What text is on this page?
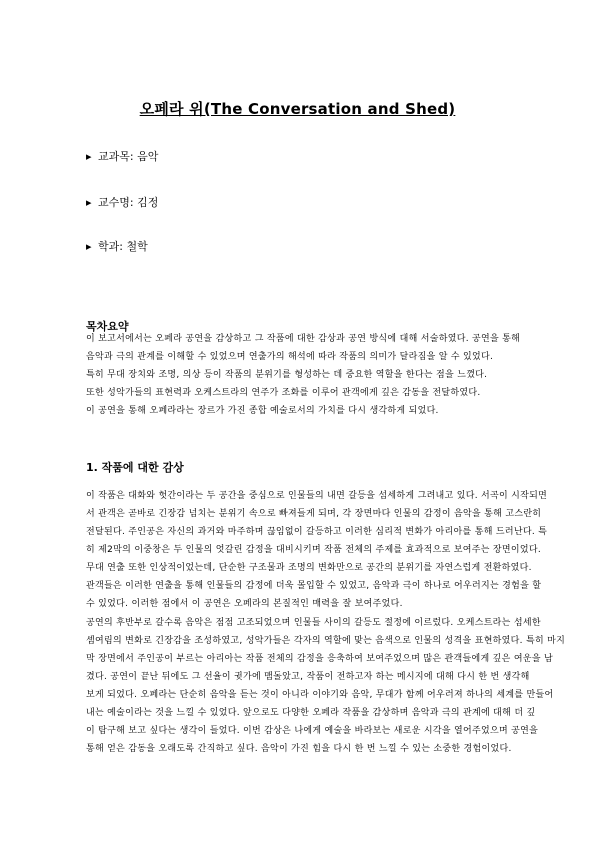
오페라 위(The Conversation and Shed)
▸ 교과목: 음악
▸ 교수명: 김정
▸ 학과: 철학
목차요약
이 보고서에서는 오페라 공연을 감상하고 그 작품에 대한 감상과 공연 방식에 대해 서술하였다. 공연을 통해
음악과 극의 관계를 이해할 수 있었으며 연출가의 해석에 따라 작품의 의미가 달라짐을 알 수 있었다.
특히 무대 장치와 조명, 의상 등이 작품의 분위기를 형성하는 데 중요한 역할을 한다는 점을 느꼈다.
또한 성악가들의 표현력과 오케스트라의 연주가 조화를 이루어 관객에게 깊은 감동을 전달하였다.
이 공연을 통해 오페라라는 장르가 가진 종합 예술로서의 가치를 다시 생각하게 되었다.
1. 작품에 대한 감상
이 작품은 대화와 헛간이라는 두 공간을 중심으로 인물들의 내면 갈등을 섬세하게 그려내고 있다. 서곡이 시작되면
서 관객은 곧바로 긴장감 넘치는 분위기 속으로 빠져들게 되며, 각 장면마다 인물의 감정이 음악을 통해 고스란히
전달된다. 주인공은 자신의 과거와 마주하며 끊임없이 갈등하고 이러한 심리적 변화가 아리아를 통해 드러난다. 특
히 제2막의 이중창은 두 인물의 엇갈린 감정을 대비시키며 작품 전체의 주제를 효과적으로 보여주는 장면이었다.
무대 연출 또한 인상적이었는데, 단순한 구조물과 조명의 변화만으로 공간의 분위기를 자연스럽게 전환하였다.
관객들은 이러한 연출을 통해 인물들의 감정에 더욱 몰입할 수 있었고, 음악과 극이 하나로 어우러지는 경험을 할
수 있었다. 이러한 점에서 이 공연은 오페라의 본질적인 매력을 잘 보여주었다.
공연의 후반부로 갈수록 음악은 점점 고조되었으며 인물들 사이의 갈등도 절정에 이르렀다. 오케스트라는 섬세한
셈여림의 변화로 긴장감을 조성하였고, 성악가들은 각자의 역할에 맞는 음색으로 인물의 성격을 표현하였다. 특히 마지
막 장면에서 주인공이 부르는 아리아는 작품 전체의 감정을 응축하여 보여주었으며 많은 관객들에게 깊은 여운을 남
겼다. 공연이 끝난 뒤에도 그 선율이 귓가에 맴돌았고, 작품이 전하고자 하는 메시지에 대해 다시 한 번 생각해
보게 되었다. 오페라는 단순히 음악을 듣는 것이 아니라 이야기와 음악, 무대가 함께 어우러져 하나의 세계를 만들어
내는 예술이라는 것을 느낄 수 있었다. 앞으로도 다양한 오페라 작품을 감상하며 음악과 극의 관계에 대해 더 깊
이 탐구해 보고 싶다는 생각이 들었다. 이번 감상은 나에게 예술을 바라보는 새로운 시각을 열어주었으며 공연을
통해 얻은 감동을 오래도록 간직하고 싶다. 음악이 가진 힘을 다시 한 번 느낄 수 있는 소중한 경험이었다.
